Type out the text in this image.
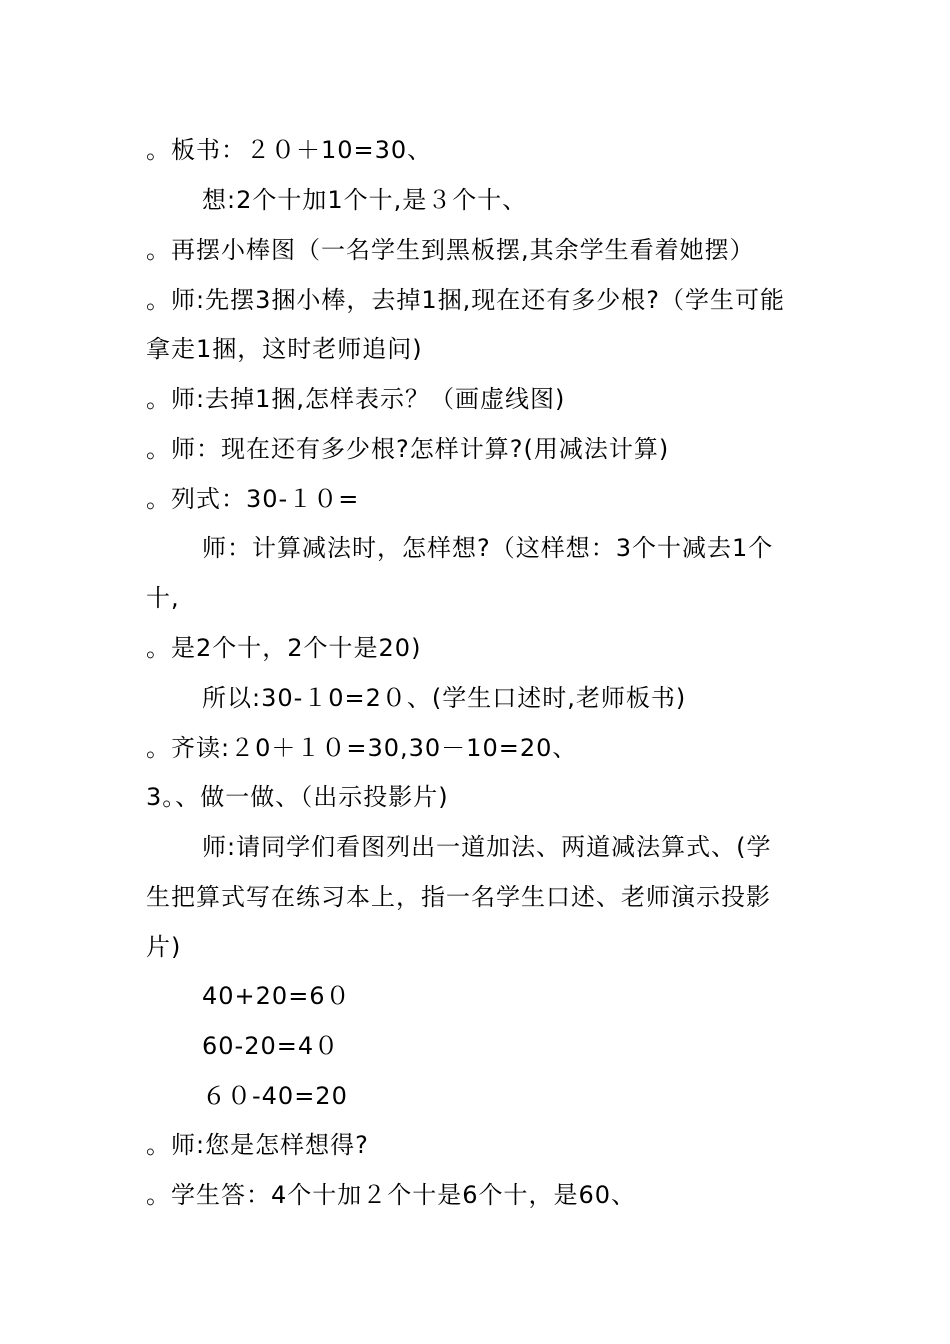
。板书：２０＋10=30、
想:2个十加1个十,是３个十、
。再摆小棒图（一名学生到黑板摆,其余学生看着她摆）
。师:先摆3捆小棒，去掉1捆,现在还有多少根?（学生可能
拿走1捆，这时老师追问)
。师:去掉1捆,怎样表示？（画虚线图)
。师：现在还有多少根?怎样计算?(用减法计算)
。列式：30-１０=
师：计算减法时，怎样想?（这样想：3个十减去1个
十,
。是2个十，2个十是20)
所以:30-１0=2０、(学生口述时,老师板书)
。齐读:２0＋１０=30,30－10=20、
3。、做一做、（出示投影片)
师:请同学们看图列出一道加法、两道减法算式、(学
生把算式写在练习本上，指一名学生口述、老师演示投影
片)
40+20=6０
60-20=4０
６０-40=20
。师:您是怎样想得?
。学生答：4个十加２个十是6个十，是60、
